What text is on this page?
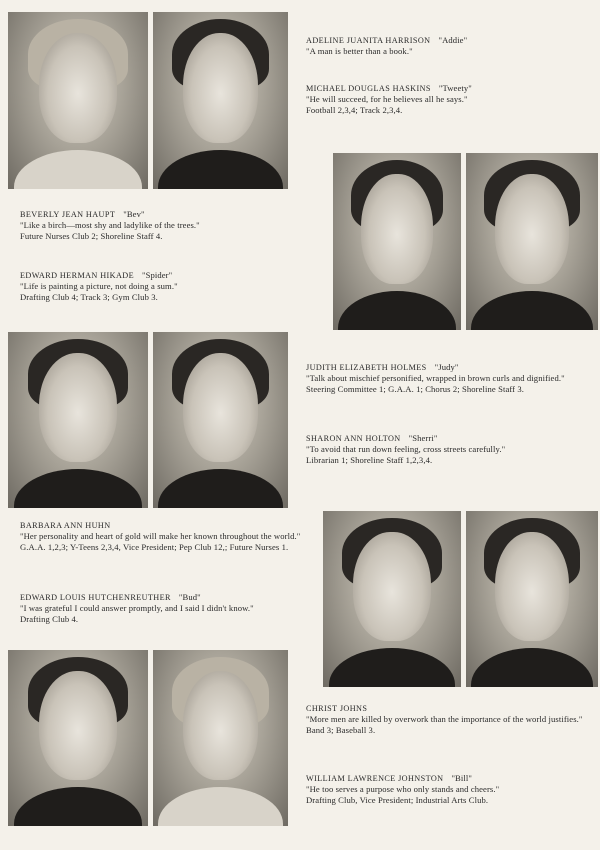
ADELINE JUANITA HARRISON "Addie"

"A man is better than a book."

MICHAEL DOUGLAS HASKINS "Tweety"

"He will succeed, for he believes all he says."

Football 2,3,4; Track 2,3,4.

BEVERLY JEAN HAUPT "Bev"

"Like a birch—most shy and ladylike of the trees."

Future Nurses Club 2; Shoreline Staff 4.

EDWARD HERMAN HIKADE "Spider"

"Life is painting a picture, not doing a sum."

Drafting Club 4; Track 3; Gym Club 3.

JUDITH ELIZABETH HOLMES "Judy"

"Talk about mischief personified, wrapped in brown curls and dignified."

Steering Committee 1; G.A.A. 1; Chorus 2; Shoreline Staff 3.

SHARON ANN HOLTON "Sherri"

"To avoid that run down feeling, cross streets carefully."

Librarian 1; Shoreline Staff 1,2,3,4.

BARBARA ANN HUHN

"Her personality and heart of gold will make her known throughout the world."

G.A.A. 1,2,3; Y-Teens 2,3,4, Vice President; Pep Club 12,; Future Nurses 1.

EDWARD LOUIS HUTCHENREUTHER "Bud"

"I was grateful I could answer promptly, and I said I didn't know."

Drafting Club 4.

CHRIST JOHNS

"More men are killed by overwork than the importance of the world justifies."

Band 3; Baseball 3.

WILLIAM LAWRENCE JOHNSTON "Bill"

"He too serves a purpose who only stands and cheers."

Drafting Club, Vice President; Industrial Arts Club.
